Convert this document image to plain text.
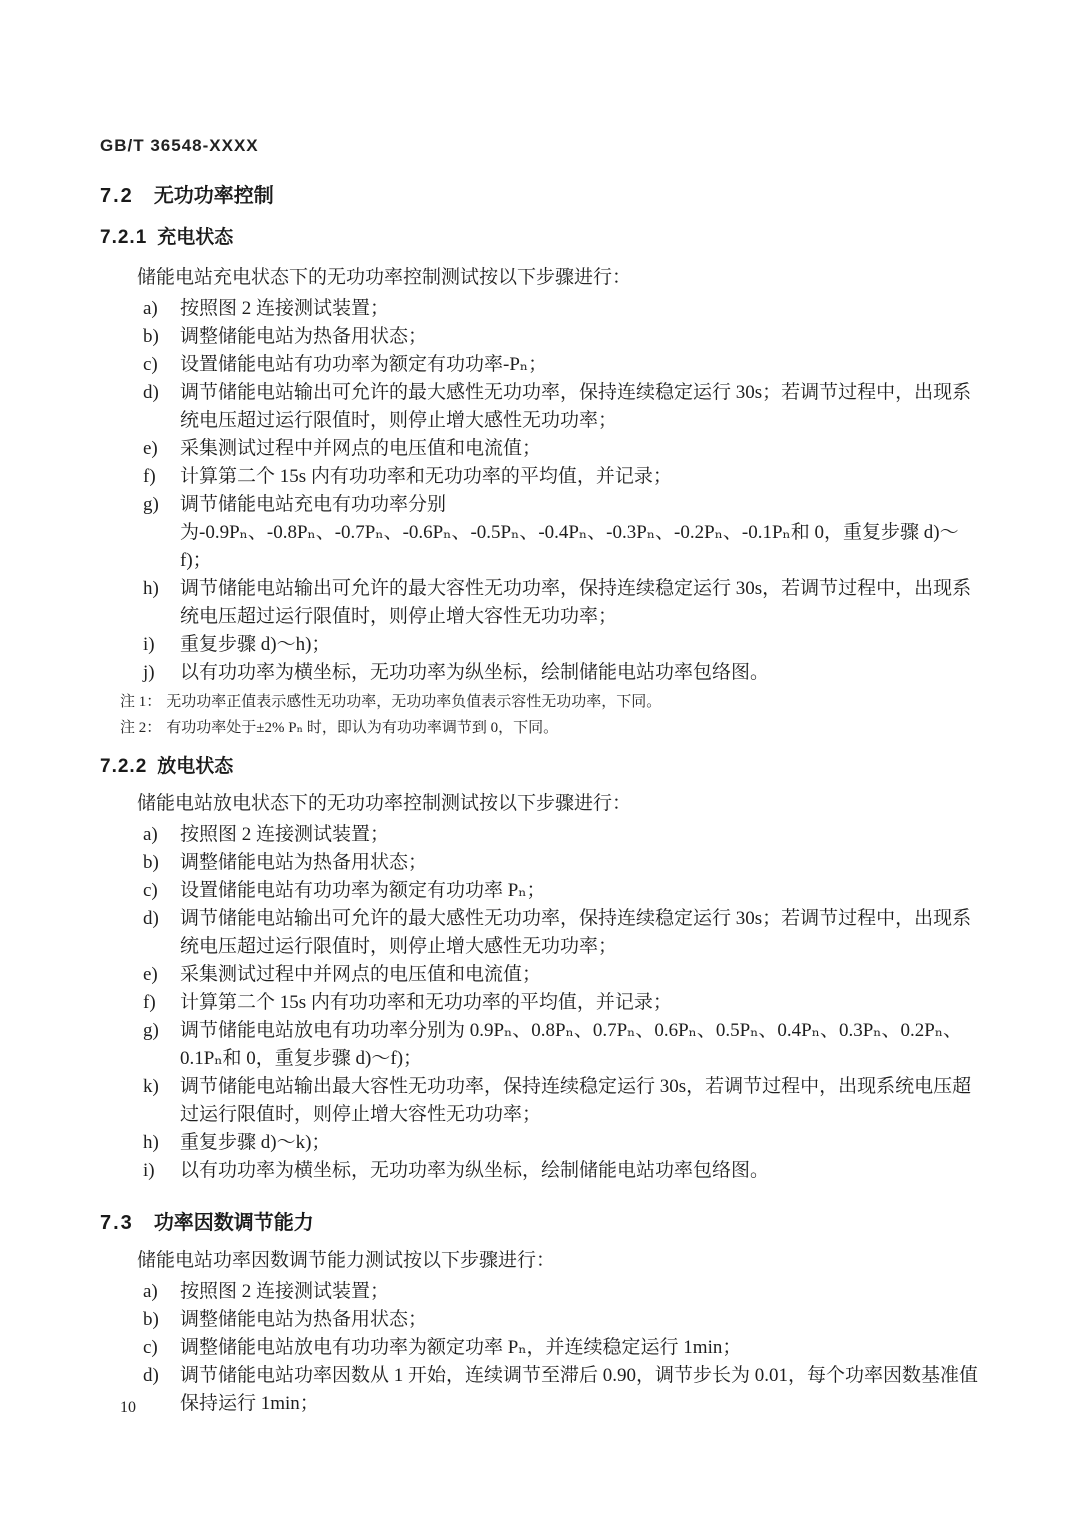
GB/T 36548-XXXX
7.2 无功功率控制
7.2.1 充电状态

储能电站充电状态下的无功功率控制测试按以下步骤进行：

a)	按照图 2 连接测试装置；
b)	调整储能电站为热备用状态；
c)	设置储能电站有功功率为额定有功功率-Pₙ；
d)	调节储能电站输出可允许的最大感性无功功率，保持连续稳定运行 30s；若调节过程中，出现系统电压超过运行限值时，则停止增大感性无功功率；
e)	采集测试过程中并网点的电压值和电流值；
f)	计算第二个 15s 内有功功率和无功功率的平均值，并记录；
g)	调节储能电站充电有功功率分别为-0.9Pₙ、-0.8Pₙ、-0.7Pₙ、-0.6Pₙ、-0.5Pₙ、-0.4Pₙ、-0.3Pₙ、-0.2Pₙ、-0.1Pₙ和 0，重复步骤 d)～f)；
h)	调节储能电站输出可允许的最大容性无功功率，保持连续稳定运行 30s，若调节过程中，出现系统电压超过运行限值时，则停止增大容性无功功率；
i)	重复步骤 d)～h)；
j)	以有功功率为横坐标，无功功率为纵坐标，绘制储能电站功率包络图。
注 1： 无功功率正值表示感性无功功率，无功功率负值表示容性无功功率，下同。
注 2： 有功功率处于±2% Pₙ 时，即认为有功功率调节到 0，下同。
7.2.2 放电状态

储能电站放电状态下的无功功率控制测试按以下步骤进行：

a)	按照图 2 连接测试装置；
b)	调整储能电站为热备用状态；
c)	设置储能电站有功功率为额定有功功率 Pₙ；
d)	调节储能电站输出可允许的最大感性无功功率，保持连续稳定运行 30s；若调节过程中，出现系统电压超过运行限值时，则停止增大感性无功功率；
e)	采集测试过程中并网点的电压值和电流值；
f)	计算第二个 15s 内有功功率和无功功率的平均值，并记录；
g)	调节储能电站放电有功功率分别为 0.9Pₙ、0.8Pₙ、0.7Pₙ、0.6Pₙ、0.5Pₙ、0.4Pₙ、0.3Pₙ、0.2Pₙ、0.1Pₙ和 0，重复步骤 d)～f)；
k)	调节储能电站输出最大容性无功功率，保持连续稳定运行 30s，若调节过程中，出现系统电压超过运行限值时，则停止增大容性无功功率；
h)	重复步骤 d)～k)；
i)	以有功功率为横坐标，无功功率为纵坐标，绘制储能电站功率包络图。
7.3 功率因数调节能力

储能电站功率因数调节能力测试按以下步骤进行：

a)	按照图 2 连接测试装置；
b)	调整储能电站为热备用状态；
c)	调整储能电站放电有功功率为额定功率 Pₙ，并连续稳定运行 1min；
d)	调节储能电站功率因数从 1 开始，连续调节至滞后 0.90，调节步长为 0.01，每个功率因数基准值保持运行 1min；
10
